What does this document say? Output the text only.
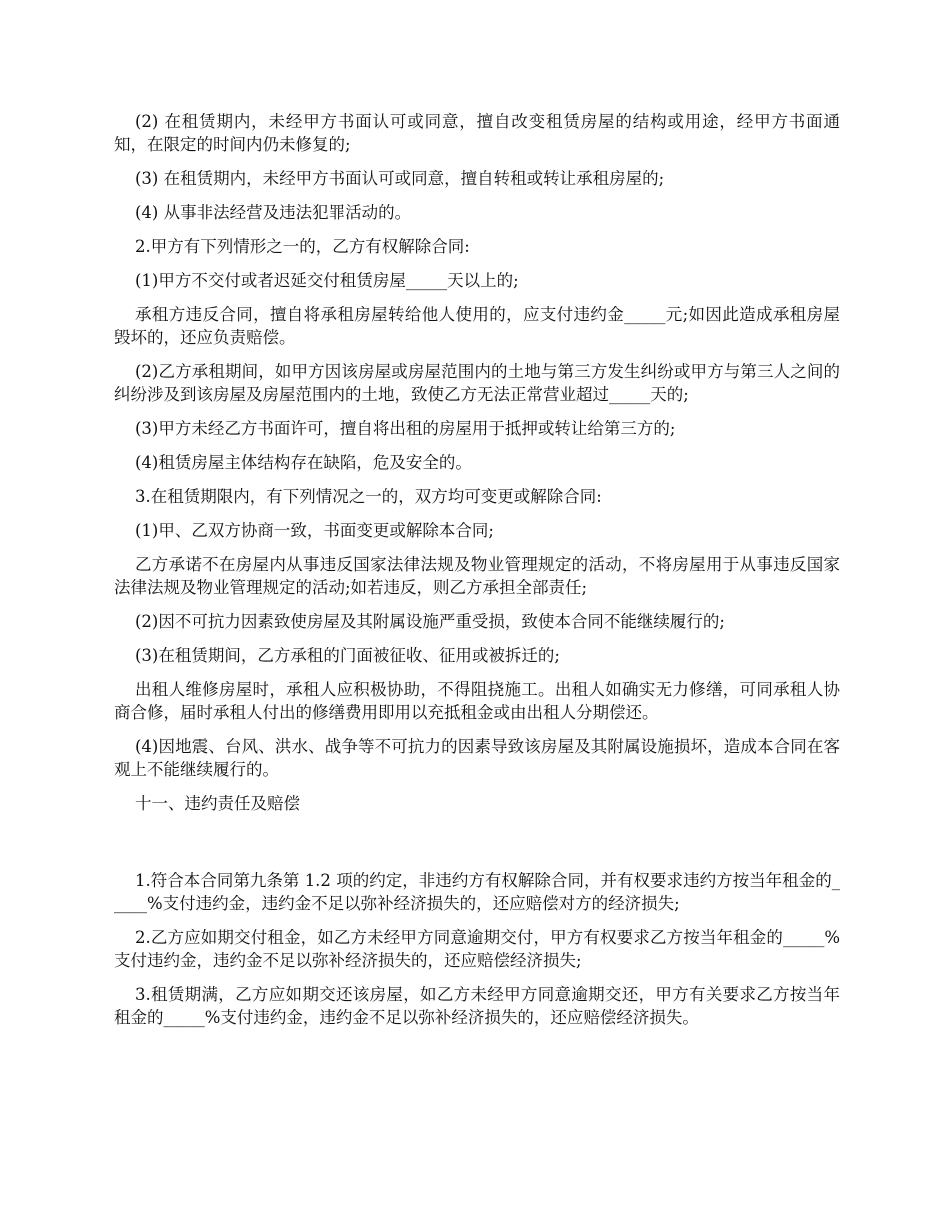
(2) 在租赁期内，未经甲方书面认可或同意，擅自改变租赁房屋的结构或用途，经甲方书面通知，在限定的时间内仍未修复的;

(3) 在租赁期内，未经甲方书面认可或同意，擅自转租或转让承租房屋的;

(4) 从事非法经营及违法犯罪活动的。

2.甲方有下列情形之一的，乙方有权解除合同:

(1)甲方不交付或者迟延交付租赁房屋_____天以上的;

承租方违反合同，擅自将承租房屋转给他人使用的，应支付违约金_____元;如因此造成承租房屋毁坏的，还应负责赔偿。

(2)乙方承租期间，如甲方因该房屋或房屋范围内的土地与第三方发生纠纷或甲方与第三人之间的纠纷涉及到该房屋及房屋范围内的土地，致使乙方无法正常营业超过_____天的;

(3)甲方未经乙方书面许可，擅自将出租的房屋用于抵押或转让给第三方的;

(4)租赁房屋主体结构存在缺陷，危及安全的。

3.在租赁期限内，有下列情况之一的，双方均可变更或解除合同:

(1)甲、乙双方协商一致，书面变更或解除本合同;

乙方承诺不在房屋内从事违反国家法律法规及物业管理规定的活动，不将房屋用于从事违反国家法律法规及物业管理规定的活动;如若违反，则乙方承担全部责任;

(2)因不可抗力因素致使房屋及其附属设施严重受损，致使本合同不能继续履行的;

(3)在租赁期间，乙方承租的门面被征收、征用或被拆迁的;

出租人维修房屋时，承租人应积极协助，不得阻挠施工。出租人如确实无力修缮，可同承租人协商合修，届时承租人付出的修缮费用即用以充抵租金或由出租人分期偿还。

(4)因地震、台风、洪水、战争等不可抗力的因素导致该房屋及其附属设施损坏，造成本合同在客观上不能继续履行的。

十一、违约责任及赔偿

1.符合本合同第九条第 1.2 项的约定，非违约方有权解除合同，并有权要求违约方按当年租金的_____%支付违约金，违约金不足以弥补经济损失的，还应赔偿对方的经济损失;

2.乙方应如期交付租金，如乙方未经甲方同意逾期交付，甲方有权要求乙方按当年租金的_____%支付违约金，违约金不足以弥补经济损失的，还应赔偿经济损失;

3.租赁期满，乙方应如期交还该房屋，如乙方未经甲方同意逾期交还，甲方有关要求乙方按当年租金的_____%支付违约金，违约金不足以弥补经济损失的，还应赔偿经济损失。
